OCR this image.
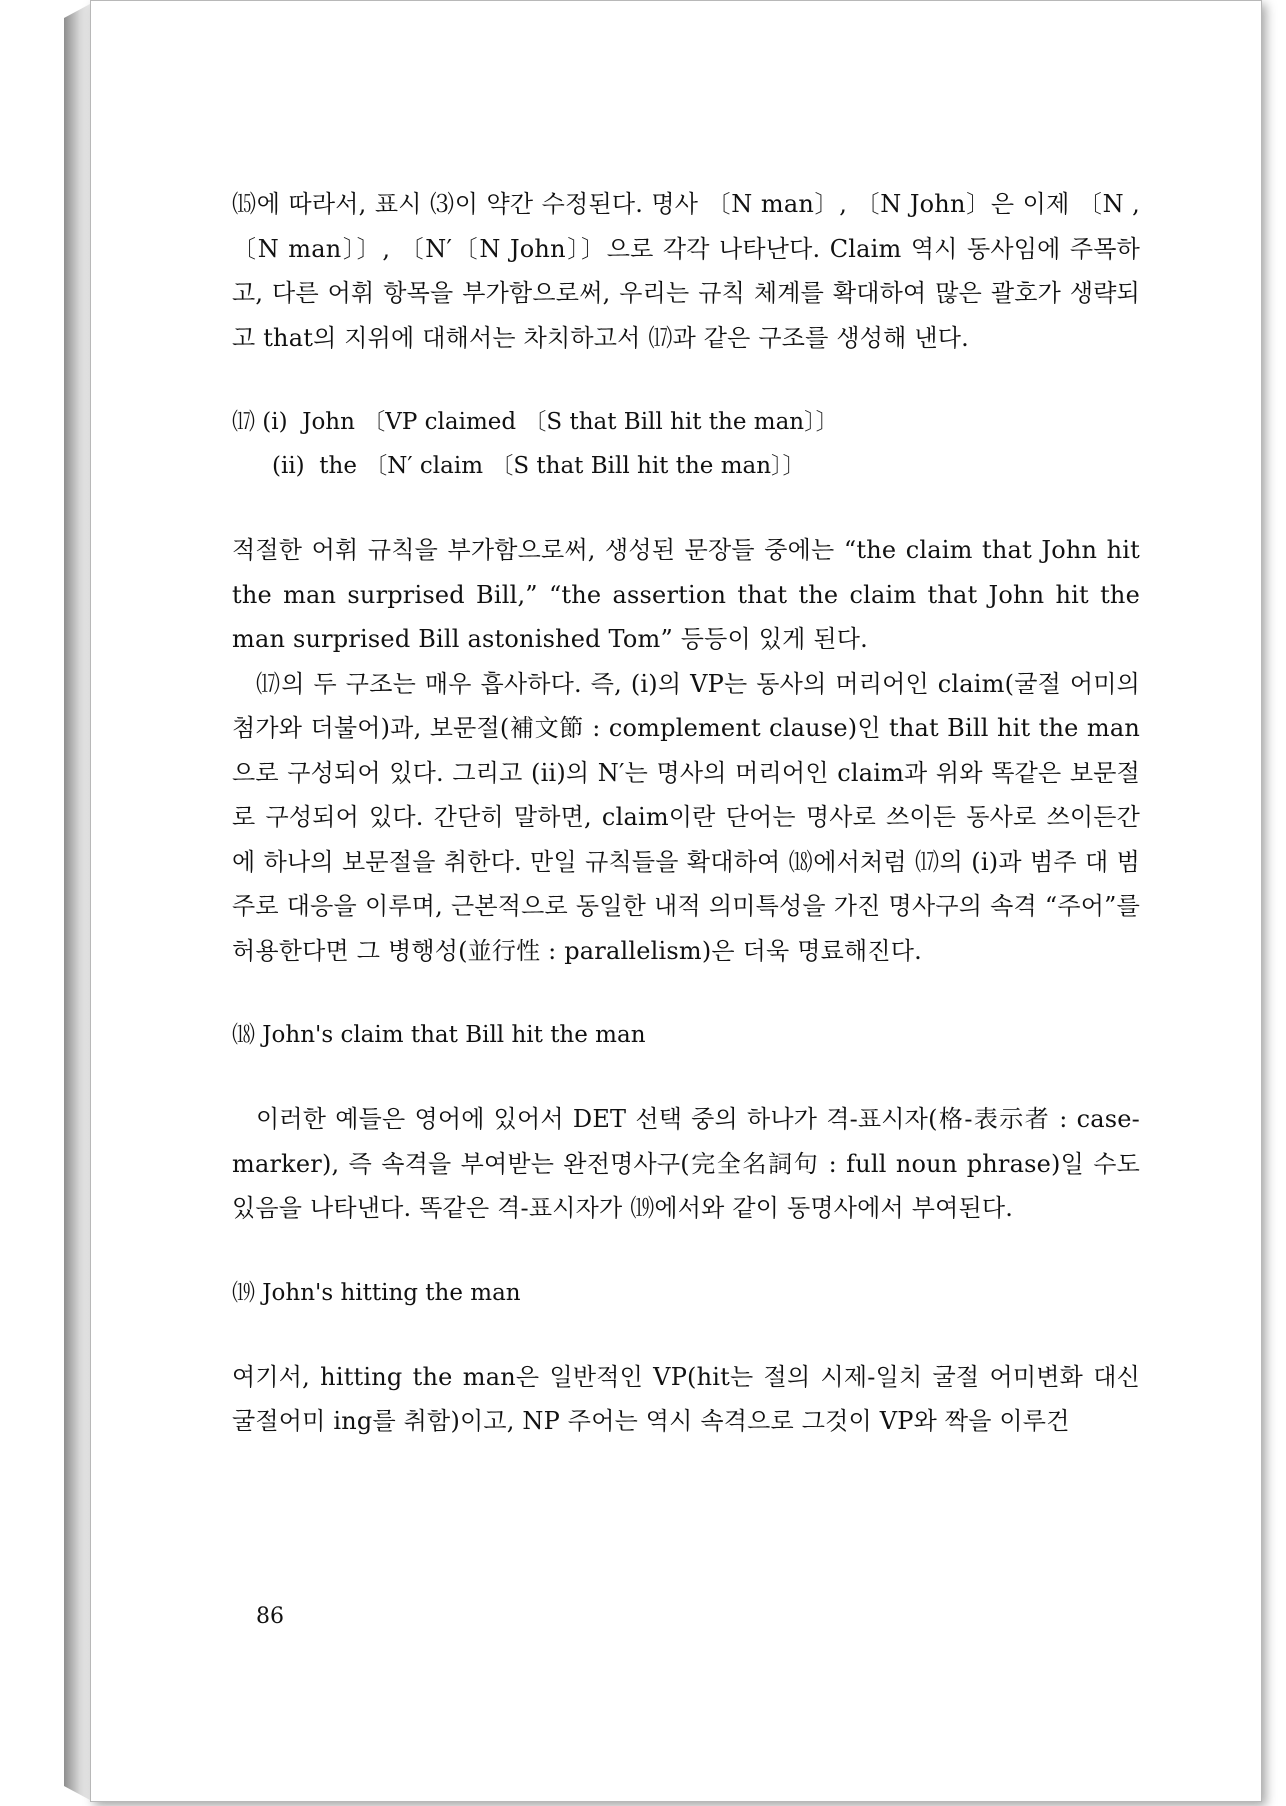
⒂에 따라서, 표시 ⑶이 약간 수정된다. 명사 〔N man〕, 〔N John〕은 이제 〔N ,〔N man〕〕, 〔N′〔N John〕〕으로 각각 나타난다. Claim 역시 동사임에 주목하고, 다른 어휘 항목을 부가함으로써, 우리는 규칙 체계를 확대하여 많은 괄호가 생략되고 that의 지위에 대해서는 차치하고서 ⒄과 같은 구조를 생성해 낸다.

⒄ (i)  John 〔VP claimed 〔S that Bill hit the man〕〕

(ii)  the 〔N′ claim 〔S that Bill hit the man〕〕

적절한 어휘 규칙을 부가함으로써, 생성된 문장들 중에는 “the claim that John hit the man surprised Bill,” “the assertion that the claim that John hit the man surprised Bill astonished Tom” 등등이 있게 된다.

⒄의 두 구조는 매우 흡사하다. 즉, (i)의 VP는 동사의 머리어인 claim(굴절 어미의 첨가와 더불어)과, 보문절(補文節 : complement clause)인 that Bill hit the man으로 구성되어 있다. 그리고 (ii)의 N′는 명사의 머리어인 claim과 위와 똑같은 보문절로 구성되어 있다. 간단히 말하면, claim이란 단어는 명사로 쓰이든 동사로 쓰이든간에 하나의 보문절을 취한다. 만일 규칙들을 확대하여 ⒅에서처럼 ⒄의 (i)과 범주 대 범주로 대응을 이루며, 근본적으로 동일한 내적 의미특성을 가진 명사구의 속격 “주어”를 허용한다면 그 병행성(並行性 : parallelism)은 더욱 명료해진다.

⒅ John's claim that Bill hit the man

이러한 예들은 영어에 있어서 DET 선택 중의 하나가 격-표시자(格-表示者 : case-marker), 즉 속격을 부여받는 완전명사구(完全名詞句 : full noun phrase)일 수도 있음을 나타낸다. 똑같은 격-표시자가 ⒆에서와 같이 동명사에서 부여된다.

⒆ John's hitting the man

여기서, hitting the man은 일반적인 VP(hit는 절의 시제-일치 굴절 어미변화 대신 굴절어미 ing를 취함)이고, NP 주어는 역시 속격으로 그것이 VP와 짝을 이루건

86
